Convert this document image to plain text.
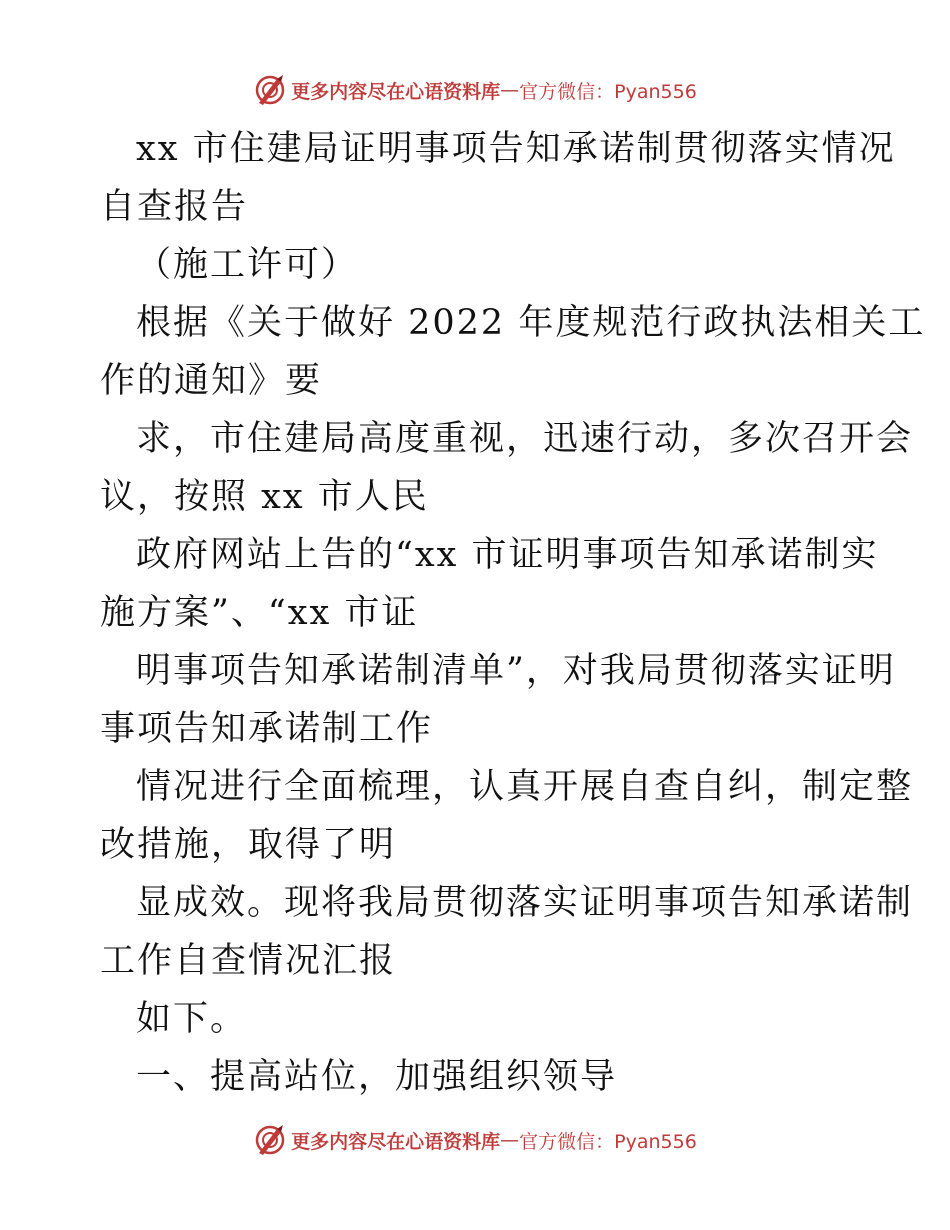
更多内容尽在心语资料库 — 官方微信：Pyan556
xx 市住建局证明事项告知承诺制贯彻落实情况
自查报告
（施工许可）
根据《关于做好 2022 年度规范行政执法相关工
作的通知》要
求，市住建局高度重视，迅速行动，多次召开会
议，按照 xx 市人民
政府网站上告的“xx 市证明事项告知承诺制实
施方案”、“xx 市证
明事项告知承诺制清单”，对我局贯彻落实证明
事项告知承诺制工作
情况进行全面梳理，认真开展自查自纠，制定整
改措施，取得了明
显成效。现将我局贯彻落实证明事项告知承诺制
工作自查情况汇报
如下。
一、提高站位，加强组织领导
更多内容尽在心语资料库 — 官方微信：Pyan556
